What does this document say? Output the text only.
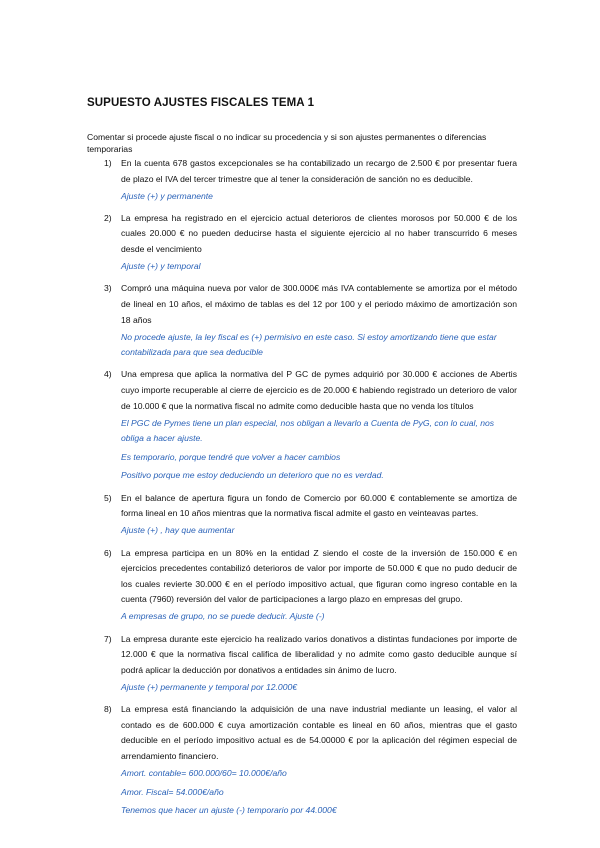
SUPUESTO AJUSTES FISCALES TEMA 1
Comentar si procede ajuste fiscal o no indicar su procedencia y si son ajustes permanentes o diferencias temporarias
1) En la cuenta 678 gastos excepcionales se ha contabilizado un recargo de 2.500 € por presentar fuera de plazo el IVA del tercer trimestre que al tener la consideración de sanción no es deducible.
Ajuste (+) y permanente
2) La empresa ha registrado en el ejercicio actual deterioros de clientes morosos por 50.000 € de los cuales 20.000 € no pueden deducirse hasta el siguiente ejercicio al no haber transcurrido 6 meses desde el vencimiento
Ajuste (+) y temporal
3) Compró una máquina nueva por valor de 300.000€ más IVA contablemente se amortiza por el método de lineal en 10 años, el máximo de tablas es del 12 por 100 y el periodo máximo de amortización son 18 años
No procede ajuste, la ley fiscal es (+) permisivo en este caso. Si estoy amortizando tiene que estar contabilizada para que sea deducible
4) Una empresa que aplica la normativa del P GC de pymes adquirió por 30.000 € acciones de Abertis cuyo importe recuperable al cierre de ejercicio es de 20.000 € habiendo registrado un deterioro de valor de 10.000 € que la normativa fiscal no admite como deducible hasta que no venda los títulos
El PGC de Pymes tiene un plan especial, nos obligan a llevarlo a Cuenta de PyG, con lo cual, nos obliga a hacer ajuste.
Es temporario, porque tendré que volver a hacer cambios
Positivo porque me estoy deduciendo un deterioro que no es verdad.
5) En el balance de apertura figura un fondo de Comercio por 60.000 € contablemente se amortiza de forma lineal en 10 años mientras que la normativa fiscal admite el gasto en veinteavas partes.
Ajuste (+) , hay que aumentar
6) La empresa participa en un 80% en la entidad Z siendo el coste de la inversión de 150.000 € en ejercicios precedentes contabilizó deterioros de valor por importe de 50.000 € que no pudo deducir de los cuales revierte 30.000 € en el período impositivo actual, que figuran como ingreso contable en la cuenta (7960) reversión del valor de participaciones a largo plazo en empresas del grupo.
A empresas de grupo, no se puede deducir. Ajuste (-)
7) La empresa durante este ejercicio ha realizado varios donativos a distintas fundaciones por importe de 12.000 € que la normativa fiscal califica de liberalidad y no admite como gasto deducible aunque sí podrá aplicar la deducción por donativos a entidades sin ánimo de lucro.
Ajuste (+) permanente y temporal por 12.000€
8) La empresa está financiando la adquisición de una nave industrial mediante un leasing, el valor al contado es de 600.000 € cuya amortización contable es lineal en 60 años, mientras que el gasto deducible en el período impositivo actual es de 54.00000 € por la aplicación del régimen especial de arrendamiento financiero.
Amort. contable= 600.000/60= 10.000€/año
Amor. Fiscal= 54.000€/año
Tenemos que hacer un ajuste (-) temporario por 44.000€
